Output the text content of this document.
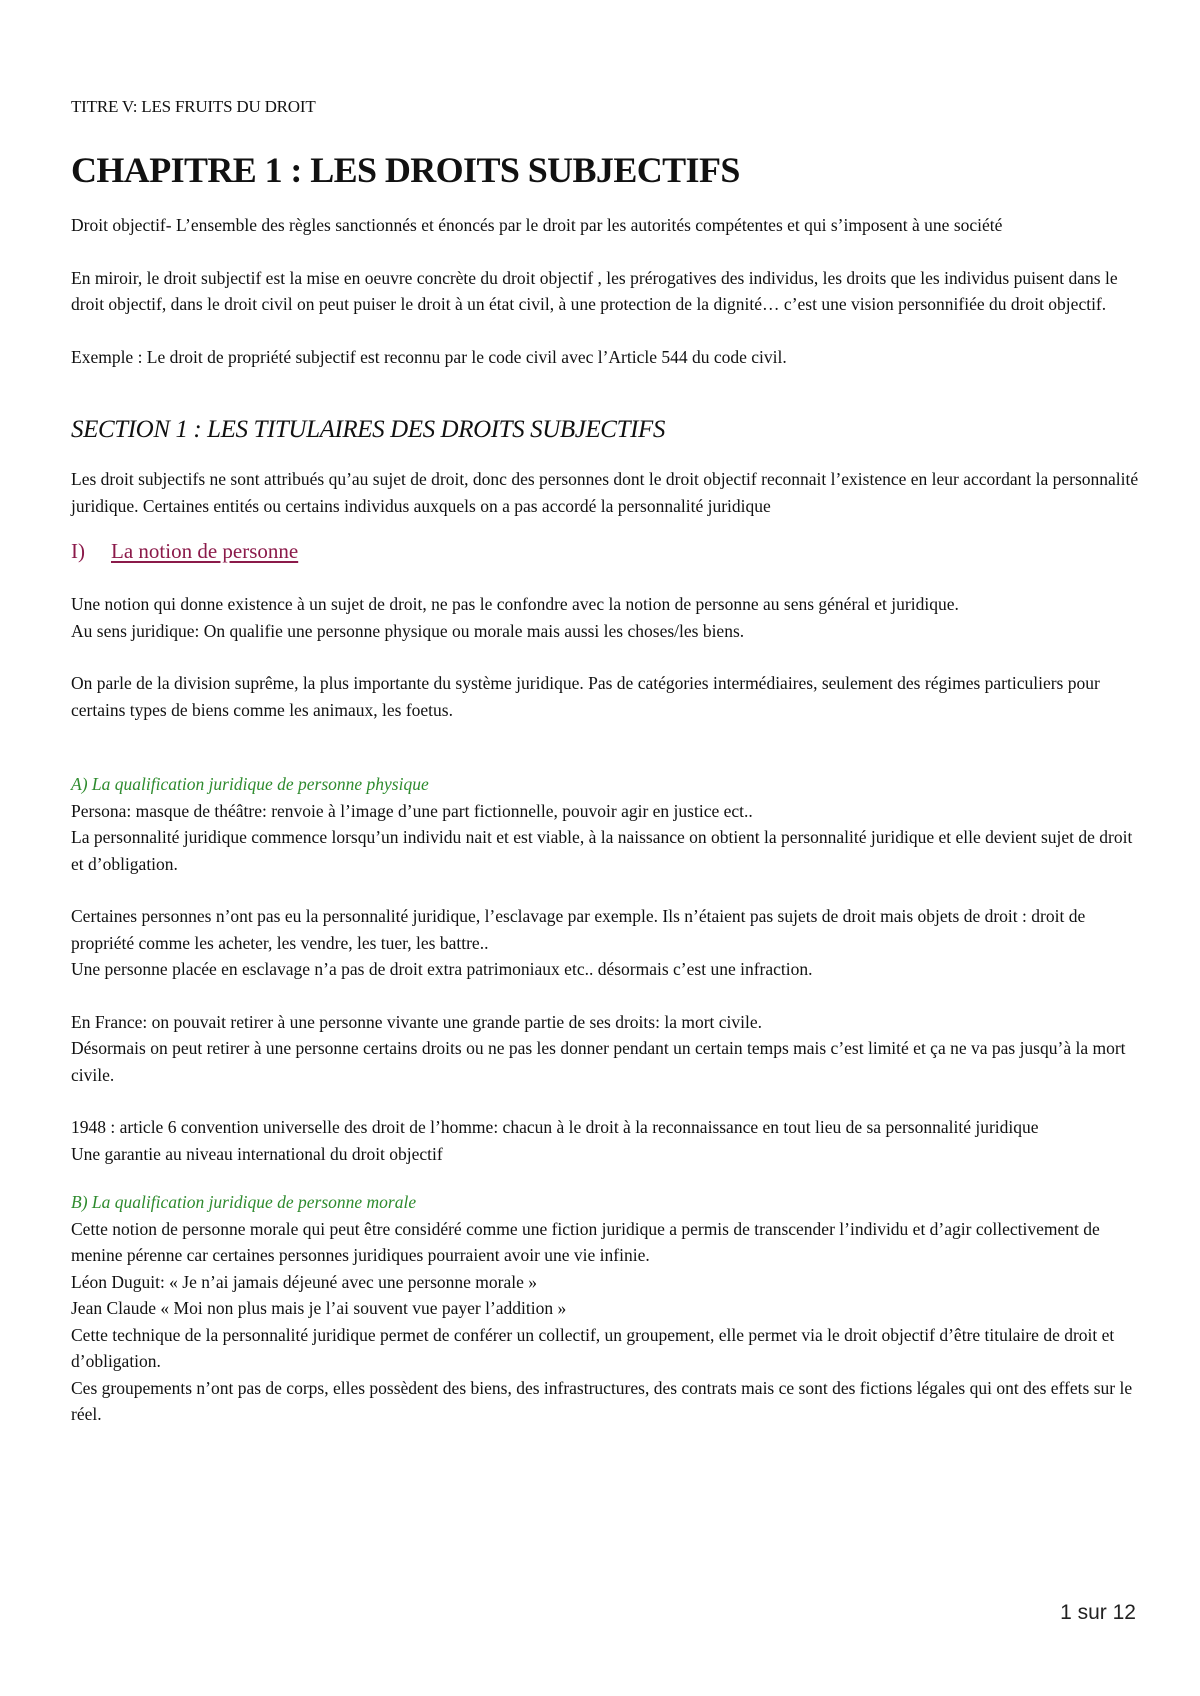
TITRE V: LES FRUITS DU DROIT

CHAPITRE 1 : LES DROITS SUBJECTIFS

Droit objectif- L’ensemble des règles sanctionnés et énoncés par le droit par les autorités compétentes et qui s’imposent à une société

En miroir, le droit subjectif est la mise en oeuvre concrète du droit objectif , les prérogatives des individus, les droits que les individus puisent dans le droit objectif, dans le droit civil on peut puiser le droit à un état civil, à une protection de la dignité… c’est une vision personnifiée du droit objectif.

Exemple : Le droit de propriété subjectif est reconnu par le code civil avec l’Article 544 du code civil.

SECTION 1 : LES TITULAIRES DES DROITS SUBJECTIFS

Les droit subjectifs ne sont attribués qu’au sujet de droit, donc des personnes dont le droit objectif reconnait l’existence en leur accordant la personnalité juridique. Certaines entités ou certains individus auxquels on a pas accordé la personnalité juridique

I) La notion de personne

Une notion qui donne existence à un sujet de droit, ne pas le confondre avec la notion de personne au sens général et juridique.

Au sens juridique: On qualifie une personne physique ou morale mais aussi les choses/les biens.

On parle de la division suprême, la plus importante du système juridique. Pas de catégories intermédiaires, seulement des régimes particuliers pour certains types de biens comme les animaux, les foetus.

A) La qualification juridique de personne physique

Persona: masque de théâtre: renvoie à l’image d’une part fictionnelle, pouvoir agir en justice ect..

La personnalité juridique commence lorsqu’un individu nait et est viable, à la naissance on obtient la personnalité juridique et elle devient sujet de droit et d’obligation.

Certaines personnes n’ont pas eu la personnalité juridique, l’esclavage par exemple. Ils n’étaient pas sujets de droit mais objets de droit : droit de propriété comme les acheter, les vendre, les tuer, les battre..

Une personne placée en esclavage n’a pas de droit extra patrimoniaux etc.. désormais c’est une infraction.

En France: on pouvait retirer à une personne vivante une grande partie de ses droits: la mort civile.

Désormais on peut retirer à une personne certains droits ou ne pas les donner pendant un certain temps mais c’est limité et ça ne va pas jusqu’à la mort civile.

1948 : article 6 convention universelle des droit de l’homme: chacun à le droit à la reconnaissance en tout lieu de sa personnalité juridique

Une garantie au niveau international du droit objectif

B) La qualification juridique de personne morale

Cette notion de personne morale qui peut être considéré comme une fiction juridique a permis de transcender l’individu et d’agir collectivement de menine pérenne car certaines personnes juridiques pourraient avoir une vie infinie.

Léon Duguit: « Je n’ai jamais déjeuné avec une personne morale »

Jean Claude « Moi non plus mais je l’ai souvent vue payer l’addition »

Cette technique de la personnalité juridique permet de conférer un collectif, un groupement, elle permet via le droit objectif d’être titulaire de droit et d’obligation.

Ces groupements n’ont pas de corps, elles possèdent des biens, des infrastructures, des contrats mais ce sont des fictions légales qui ont des effets sur le réel.

1 sur 12
